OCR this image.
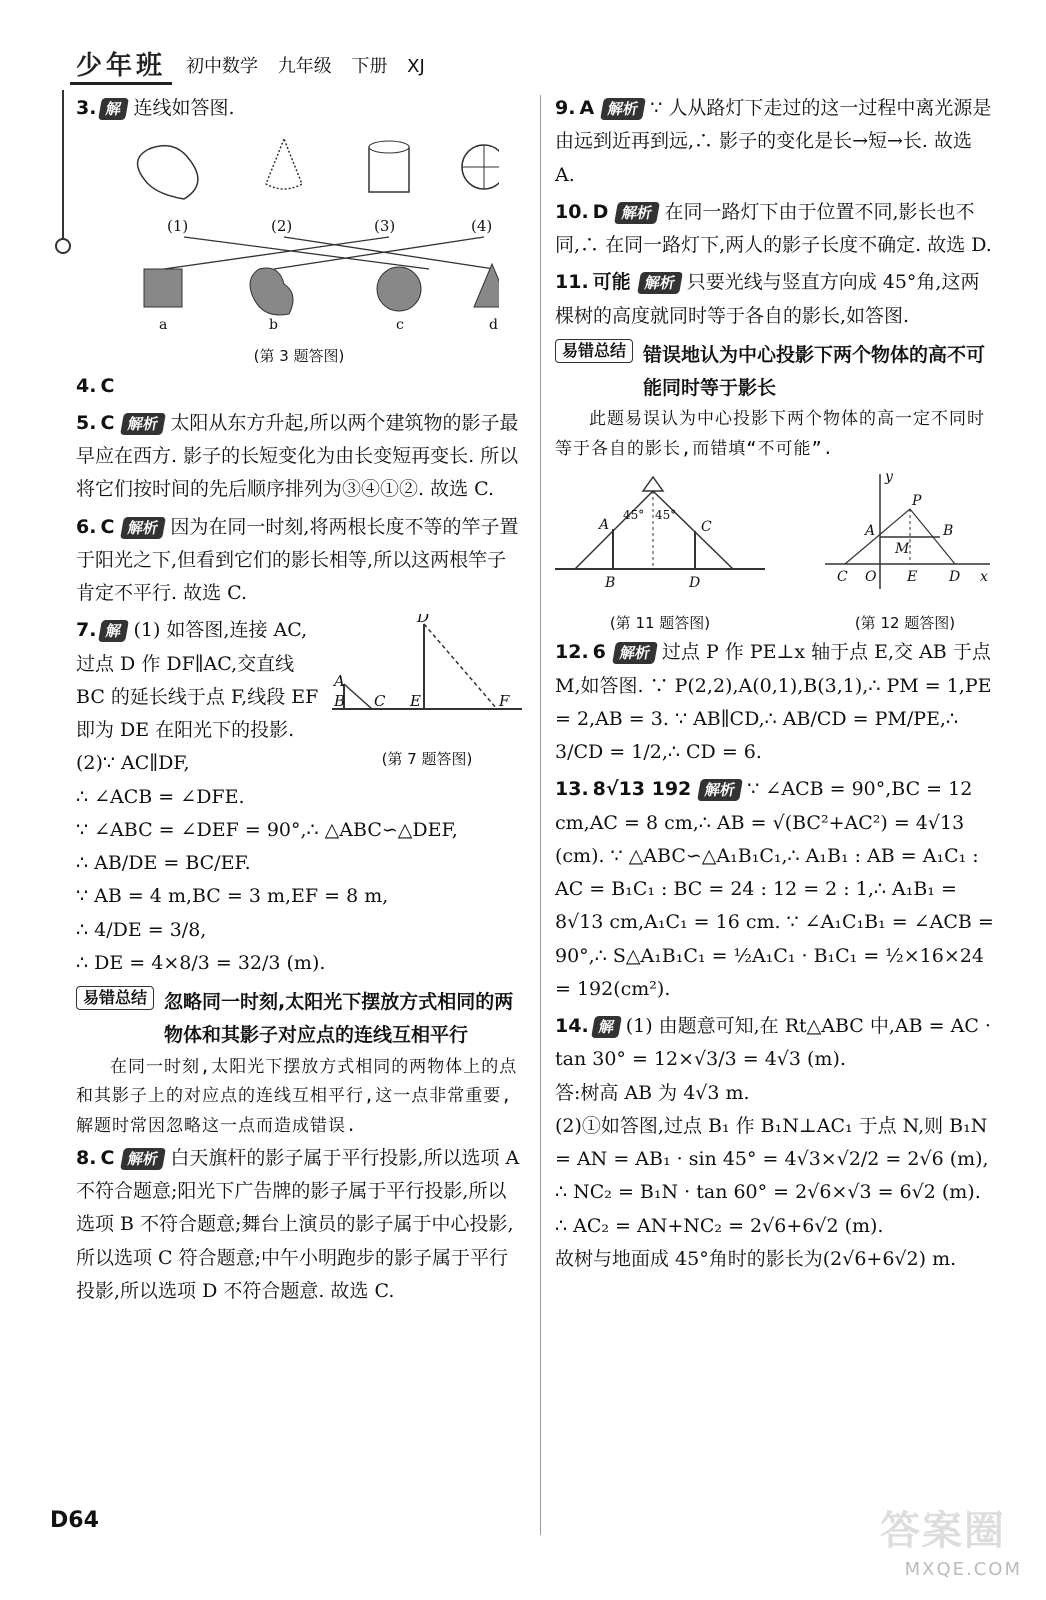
少年班	初中数学 九年级 下册 XJ
3. 解 连线如答图.
(1)	(2)	(3)	(4)
a	b	c	d
(第 3 题答图)
4. C
5. C 解析 太阳从东方升起,所以两个建筑物的影子最早应在西方. 影子的长短变化为由长变短再变长. 所以将它们按时间的先后顺序排列为③④①②. 故选 C.
6. C 解析 因为在同一时刻,将两根长度不等的竿子置于阳光之下,但看到它们的影长相等,所以这两根竿子肯定不平行. 故选 C.
D
A
B C E	F
(第 7 题答图)
7. 解 (1) 如答图,连接 AC,过点 D 作 DF∥AC,交直线 BC 的延长线于点 F,线段 EF 即为 DE 在阳光下的投影.
(2)∵ AC∥DF,
∴ ∠ACB = ∠DFE.
∵ ∠ABC = ∠DEF = 90°,∴ △ABC∽△DEF,
∴ AB/DE = BC/EF.
∵ AB = 4 m,BC = 3 m,EF = 8 m,
∴ 4/DE = 3/8,
∴ DE = 4×8/3 = 32/3 (m).
易错总结 忽略同一时刻,太阳光下摆放方式相同的两物体和其影子对应点的连线互相平行
在同一时刻,太阳光下摆放方式相同的两物体上的点和其影子上的对应点的连线互相平行,这一点非常重要,解题时常因忽略这一点而造成错误.
8. C 解析 白天旗杆的影子属于平行投影,所以选项 A 不符合题意;阳光下广告牌的影子属于平行投影,所以选项 B 不符合题意;舞台上演员的影子属于中心投影,所以选项 C 符合题意;中午小明跑步的影子属于平行投影,所以选项 D 不符合题意. 故选 C.
9. A 解析 ∵ 人从路灯下走过的这一过程中离光源是由远到近再到远,∴ 影子的变化是长→短→长. 故选 A.
10. D 解析 在同一路灯下由于位置不同,影长也不同,∴ 在同一路灯下,两人的影子长度不确定. 故选 D.
11. 可能 解析 只要光线与竖直方向成 45°角,这两棵树的高度就同时等于各自的影长,如答图.
易错总结 错误地认为中心投影下两个物体的高不可能同时等于影长
此题易误认为中心投影下两个物体的高一定不同时等于各自的影长,而错填“不可能”.
A
B
C
D
45° 45°
(第 11 题答图)
y
P
A
M
B
C O E D x
(第 12 题答图)
12. 6 解析 过点 P 作 PE⊥x 轴于点 E,交 AB 于点 M,如答图. ∵ P(2,2),A(0,1),B(3,1),∴ PM = 1,PE = 2,AB = 3. ∵ AB∥CD,∴ AB/CD = PM/PE,∴ 3/CD = 1/2,∴ CD = 6.
13. 8√13 192 解析 ∵ ∠ACB = 90°,BC = 12 cm,AC = 8 cm,∴ AB = √(BC²+AC²) = 4√13 (cm). ∵ △ABC∽△A₁B₁C₁,∴ A₁B₁ : AB = A₁C₁ : AC = B₁C₁ : BC = 24 : 12 = 2 : 1,∴ A₁B₁ = 8√13 cm,A₁C₁ = 16 cm. ∵ ∠A₁C₁B₁ = ∠ACB = 90°,∴ S△A₁B₁C₁ = ½A₁C₁ · B₁C₁ = ½×16×24 = 192(cm²).
14. 解 (1) 由题意可知,在 Rt△ABC 中,AB = AC · tan 30° = 12×√3/3 = 4√3 (m).
答:树高 AB 为 4√3 m.
(2)①如答图,过点 B₁ 作 B₁N⊥AC₁ 于点 N,则 B₁N = AN = AB₁ · sin 45° = 4√3×√2/2 = 2√6 (m),
∴ NC₂ = B₁N · tan 60° = 2√6×√3 = 6√2 (m).
∴ AC₂ = AN+NC₂ = 2√6+6√2 (m).
故树与地面成 45°角时的影长为(2√6+6√2) m.
D64	答案圈
MXQE.COM
